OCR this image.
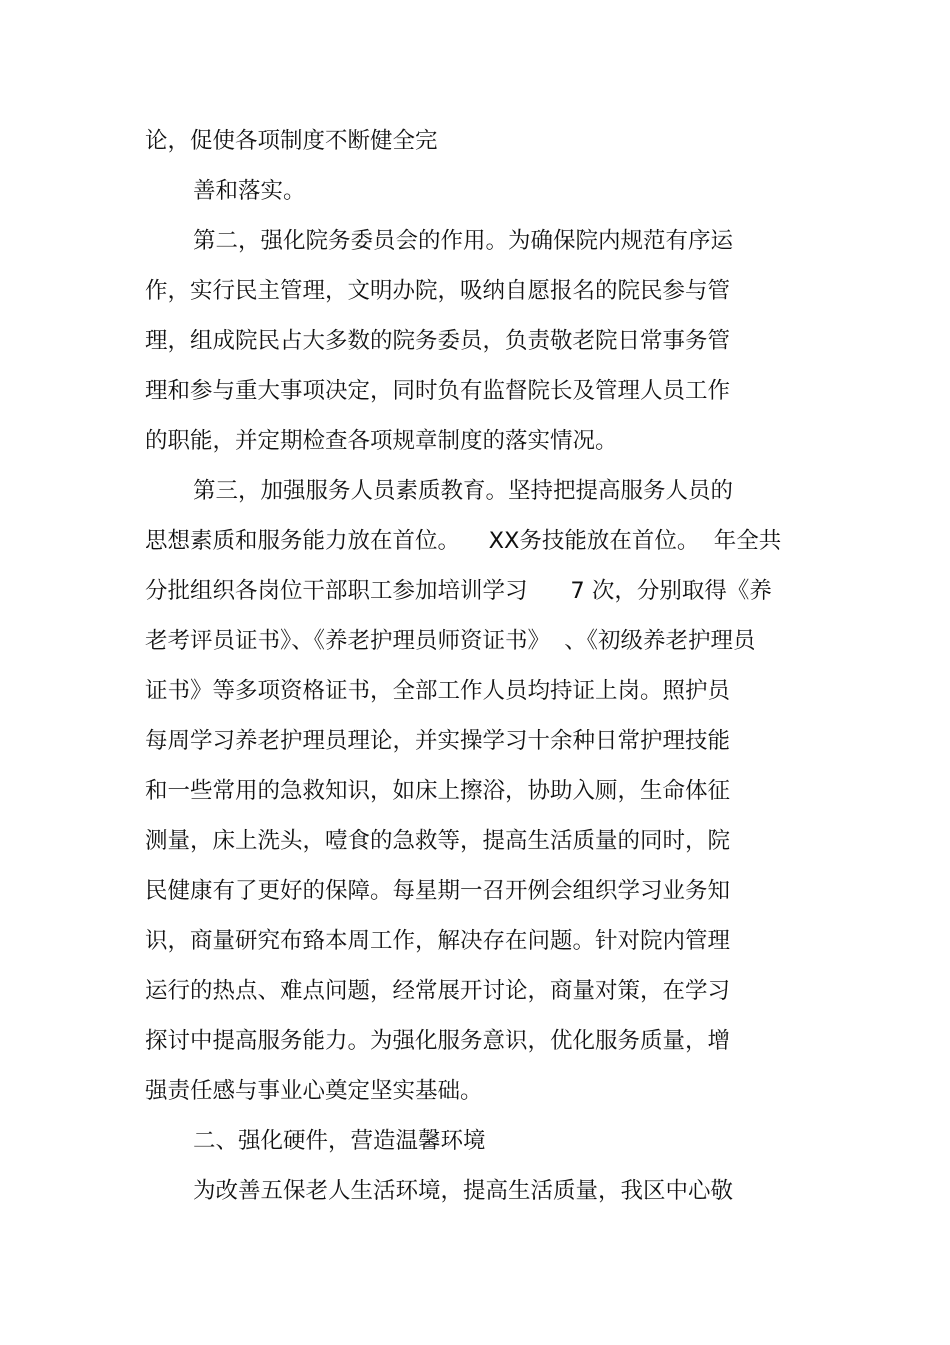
论，促使各项制度不断健全完
善和落实。
第二，强化院务委员会的作用。为确保院内规范有序运
作，实行民主管理，文明办院，吸纳自愿报名的院民参与管
理，组成院民占大多数的院务委员，负责敬老院日常事务管
理和参与重大事项决定，同时负有监督院长及管理人员工作
的职能，并定期检查各项规章制度的落实情况。
第三，加强服务人员素质教育。坚持把提高服务人员的
思想素质和服务能力放在首位。    XX务技能放在首位。  年全共
分批组织各岗位干部职工参加培训学习      7 次，分别取得《养
老考评员证书》、《养老护理员师资证书》  、《初级养老护理员
证书》等多项资格证书，全部工作人员均持证上岗。照护员
每周学习养老护理员理论，并实操学习十余种日常护理技能
和一些常用的急救知识，如床上擦浴，协助入厕，生命体征
测量，床上洗头，噎食的急救等，提高生活质量的同时，院
民健康有了更好的保障。每星期一召开例会组织学习业务知
识，商量研究布臵本周工作，解决存在问题。针对院内管理
运行的热点、难点问题，经常展开讨论，商量对策，在学习
探讨中提高服务能力。为强化服务意识，优化服务质量，增
强责任感与事业心奠定坚实基础。
二、强化硬件，营造温馨环境
为改善五保老人生活环境，提高生活质量，我区中心敬
